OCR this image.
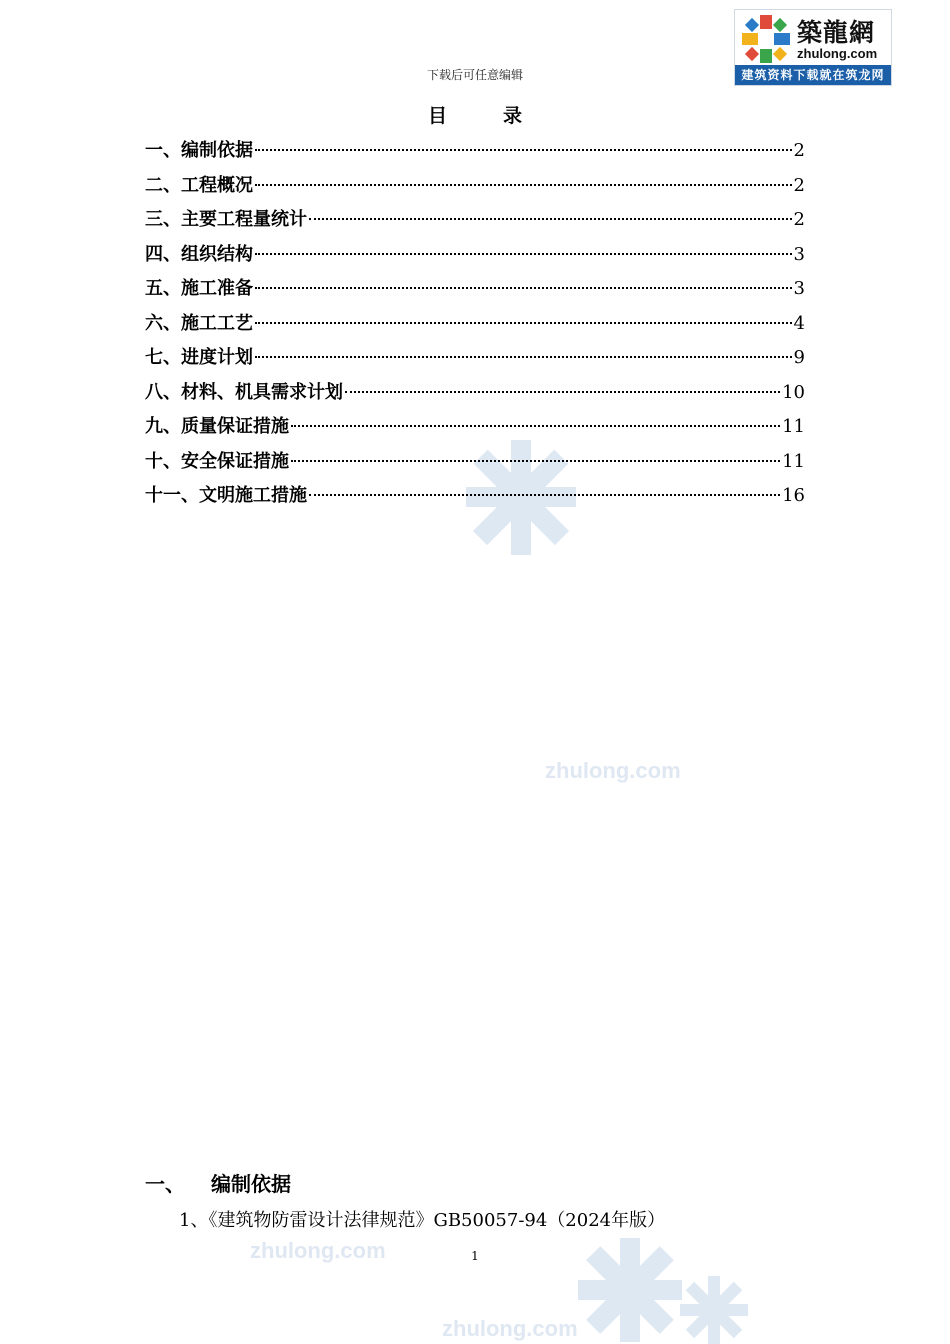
zhulong.com
zhulong.com
zhulong.com
下载后可任意编辑
築龍網
zhulong.com
建筑资料下载就在筑龙网
目	录
一、编制依据	2
二、工程概况	2
三、主要工程量统计	2
四、组织结构	3
五、施工准备	3
六、施工工艺	4
七、进度计划	9
八、材料、机具需求计划	10
九、质量保证措施	11
十、安全保证措施	11
十一、文明施工措施	16
一、 编制依据
1、《建筑物防雷设计法律规范》GB50057-94（2024年版）
1
